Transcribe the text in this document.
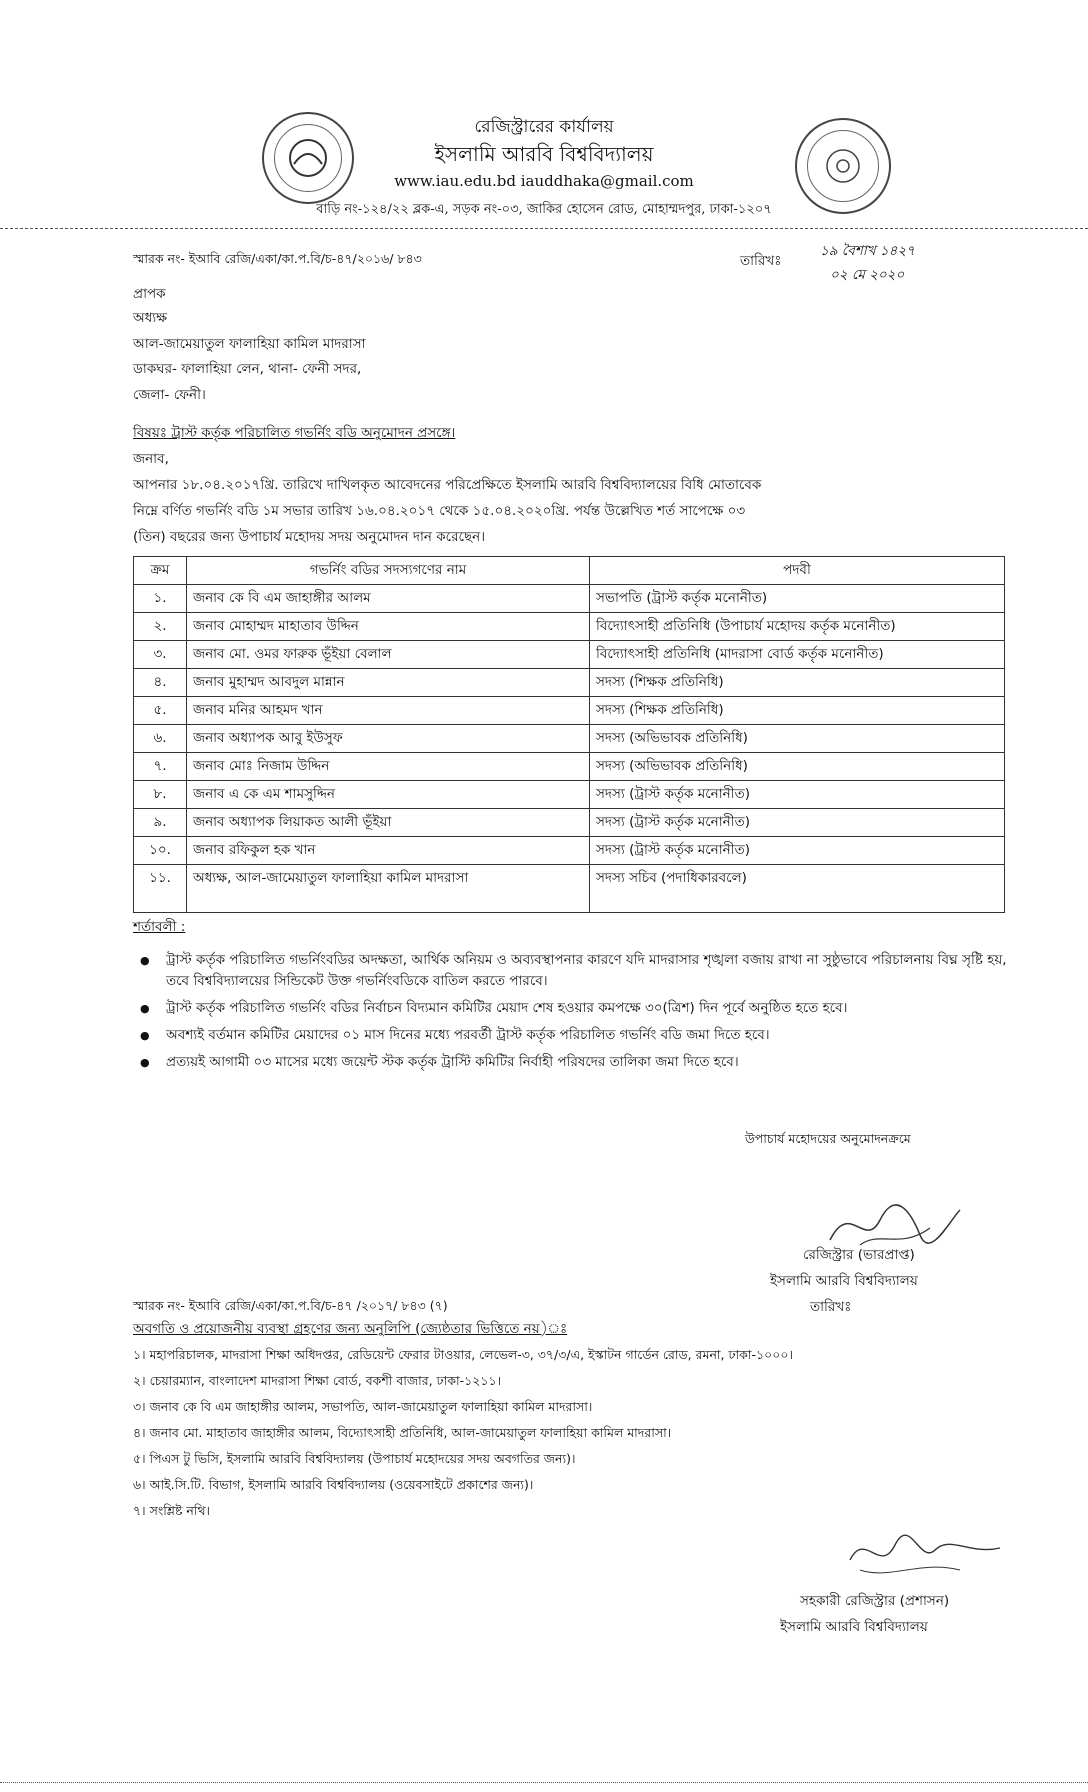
রেজিস্ট্রারের কার্যালয়
ইসলামি আরবি বিশ্ববিদ্যালয়
www.iau.edu.bd iauddhaka@gmail.com
বাড়ি নং-১২৪/২২ ব্লক-এ, সড়ক নং-০৩, জাকির হোসেন রোড, মোহাম্মদপুর, ঢাকা-১২০৭
স্মারক নং- ইআবি রেজি/একা/কা.প.বি/চ-৪৭/২০১৬/ ৮৪৩	তারিখঃ
১৯ বৈশাখ ১৪২৭
০২ মে ২০২০
প্রাপক
অধ্যক্ষ
আল-জামেয়াতুল ফালাহিয়া কামিল মাদরাসা
ডাকঘর- ফালাহিয়া লেন, থানা- ফেনী সদর,
জেলা- ফেনী।
বিষয়ঃ ট্রাস্ট কর্তৃক পরিচালিত গভর্নিং বডি অনুমোদন প্রসঙ্গে।
জনাব,
আপনার ১৮.০৪.২০১৭খ্রি. তারিখে দাখিলকৃত আবেদনের পরিপ্রেক্ষিতে ইসলামি আরবি বিশ্ববিদ্যালয়ের বিধি মোতাবেক
নিম্নে বর্ণিত গভর্নিং বডি ১ম সভার তারিখ ১৬.০৪.২০১৭ থেকে ১৫.০৪.২০২০খ্রি. পর্যন্ত উল্লেখিত শর্ত সাপেক্ষে ০৩
(তিন) বছরের জন্য উপাচার্য মহোদয় সদয় অনুমোদন দান করেছেন।
ক্রম	গভর্নিং বডির সদস্যগণের নাম	পদবী
১.	জনাব কে বি এম জাহাঙ্গীর আলম	সভাপতি (ট্রাস্ট কর্তৃক মনোনীত)
২.	জনাব মোহাম্মদ মাহাতাব উদ্দিন	বিদ্যোৎসাহী প্রতিনিধি (উপাচার্য মহোদয় কর্তৃক মনোনীত)
৩.	জনাব মো. ওমর ফারুক ভূঁইয়া বেলাল	বিদ্যোৎসাহী প্রতিনিধি (মাদরাসা বোর্ড কর্তৃক মনোনীত)
৪.	জনাব মুহাম্মদ আবদুল মান্নান	সদস্য (শিক্ষক প্রতিনিধি)
৫.	জনাব মনির আহমদ খান	সদস্য (শিক্ষক প্রতিনিধি)
৬.	জনাব অধ্যাপক আবু ইউসুফ	সদস্য (অভিভাবক প্রতিনিধি)
৭.	জনাব মোঃ নিজাম উদ্দিন	সদস্য (অভিভাবক প্রতিনিধি)
৮.	জনাব এ কে এম শামসুদ্দিন	সদস্য (ট্রাস্ট কর্তৃক মনোনীত)
৯.	জনাব অধ্যাপক লিয়াকত আলী ভূঁইয়া	সদস্য (ট্রাস্ট কর্তৃক মনোনীত)
১০.	জনাব রফিকুল হক খান	সদস্য (ট্রাস্ট কর্তৃক মনোনীত)
১১.	অধ্যক্ষ, আল-জামেয়াতুল ফালাহিয়া কামিল মাদরাসা	সদস্য সচিব (পদাধিকারবলে)
শর্তাবলী :
● ট্রাস্ট কর্তৃক পরিচালিত গভর্নিংবডির অদক্ষতা, আর্থিক অনিয়ম ও অব্যবস্থাপনার কারণে যদি মাদরাসার শৃঙ্খলা বজায় রাখা না সুষ্ঠুভাবে পরিচালনায় বিঘ্ন সৃষ্টি হয়, তবে বিশ্ববিদ্যালয়ের সিন্ডিকেট উক্ত গভর্নিংবডিকে বাতিল করতে পারবে।
● ট্রাস্ট কর্তৃক পরিচালিত গভর্নিং বডির নির্বাচন বিদ্যমান কমিটির মেয়াদ শেষ হওয়ার কমপক্ষে ৩০(ত্রিশ) দিন পূর্বে অনুষ্ঠিত হতে হবে।
● অবশ্যই বর্তমান কমিটির মেয়াদের ০১ মাস দিনের মধ্যে পরবর্তী ট্রাস্ট কর্তৃক পরিচালিত গভর্নিং বডি জমা দিতে হবে।
● প্রত্যয়ই আগামী ০৩ মাসের মধ্যে জয়েন্ট স্টক কর্তৃক ট্রাস্টি কমিটির নির্বাহী পরিষদের তালিকা জমা দিতে হবে।
উপাচার্য মহোদয়ের অনুমোদনক্রমে
রেজিস্ট্রার (ভারপ্রাপ্ত)
ইসলামি আরবি বিশ্ববিদ্যালয়
তারিখঃ
স্মারক নং- ইআবি রেজি/একা/কা.প.বি/চ-৪৭ /২০১৭/ ৮৪৩ (৭)
অবগতি ও প্রয়োজনীয় ব্যবস্থা গ্রহণের জন্য অনুলিপি (জ্যেষ্ঠতার ভিত্তিতে নয়)ঃ
১। মহাপরিচালক, মাদরাসা শিক্ষা অধিদপ্তর, রেডিয়েন্ট ফেরার টাওয়ার, লেভেল-৩, ৩৭/৩/এ, ইস্কাটন গার্ডেন রোড, রমনা, ঢাকা-১০০০।
২। চেয়ারম্যান, বাংলাদেশ মাদরাসা শিক্ষা বোর্ড, বকশী বাজার, ঢাকা-১২১১।
৩। জনাব কে বি এম জাহাঙ্গীর আলম, সভাপতি, আল-জামেয়াতুল ফালাহিয়া কামিল মাদরাসা।
৪। জনাব মো. মাহাতাব জাহাঙ্গীর আলম, বিদ্যোৎসাহী প্রতিনিধি, আল-জামেয়াতুল ফালাহিয়া কামিল মাদরাসা।
৫। পিএস টু ভিসি, ইসলামি আরবি বিশ্ববিদ্যালয় (উপাচার্য মহোদয়ের সদয় অবগতির জন্য)।
৬। আই.সি.টি. বিভাগ, ইসলামি আরবি বিশ্ববিদ্যালয় (ওয়েবসাইটে প্রকাশের জন্য)।
৭। সংশ্লিষ্ট নথি।
সহকারী রেজিস্ট্রার (প্রশাসন)
ইসলামি আরবি বিশ্ববিদ্যালয়
